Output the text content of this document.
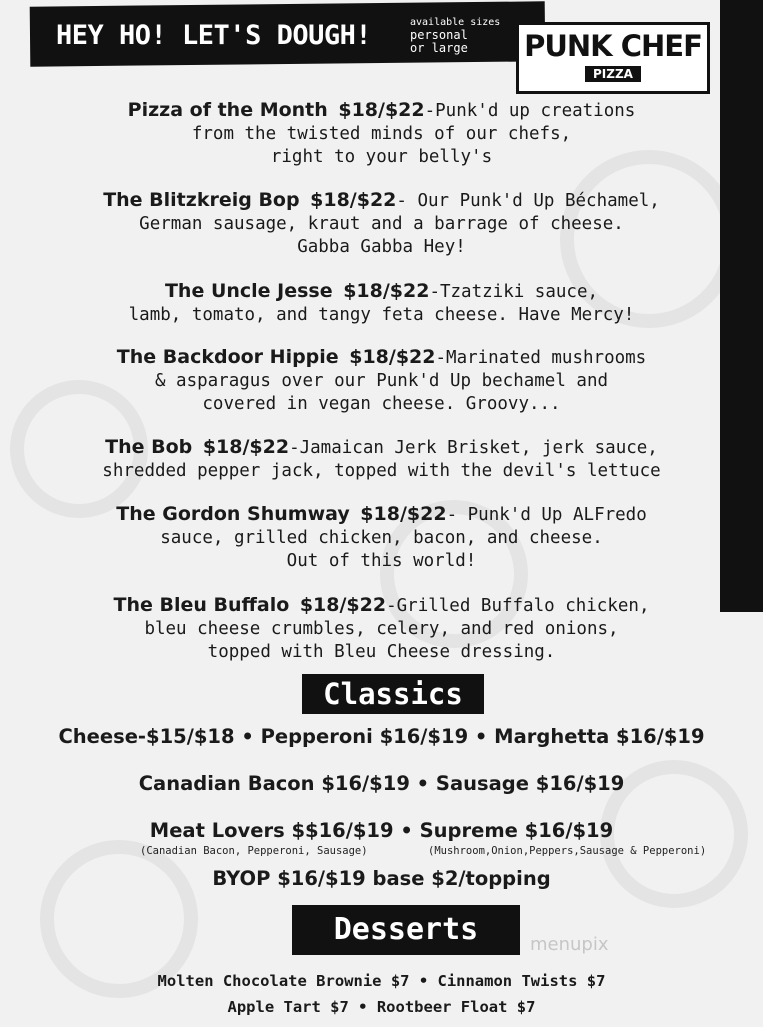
HEY HO! LET'S DOUGH!	available sizes
personal
or large	PUNK CHEF
PIZZA
Pizza of the Month $18/$22-Punk'd up creations
from the twisted minds of our chefs,
right to your belly's
The Blitzkreig Bop $18/$22- Our Punk'd Up Béchamel,
German sausage, kraut and a barrage of cheese.
Gabba Gabba Hey!
The Uncle Jesse $18/$22-Tzatziki sauce,
lamb, tomato, and tangy feta cheese. Have Mercy!
The Backdoor Hippie $18/$22-Marinated mushrooms
& asparagus over our Punk'd Up bechamel and
covered in vegan cheese. Groovy...
The Bob $18/$22-Jamaican Jerk Brisket, jerk sauce,
shredded pepper jack, topped with the devil's lettuce
The Gordon Shumway $18/$22- Punk'd Up ALFredo
sauce, grilled chicken, bacon, and cheese.
Out of this world!
The Bleu Buffalo $18/$22-Grilled Buffalo chicken,
bleu cheese crumbles, celery, and red onions,
topped with Bleu Cheese dressing.
Classics
Cheese-$15/$18 • Pepperoni $16/$19 • Marghetta $16/$19
Canadian Bacon $16/$19 • Sausage $16/$19
Meat Lovers $$16/$19 • Supreme $16/$19
(Canadian Bacon, Pepperoni, Sausage)	(Mushroom,Onion,Peppers,Sausage & Pepperoni)
BYOP $16/$19 base $2/topping
Desserts	menupix
Molten Chocolate Brownie $7 • Cinnamon Twists $7
Apple Tart $7 • Rootbeer Float $7
